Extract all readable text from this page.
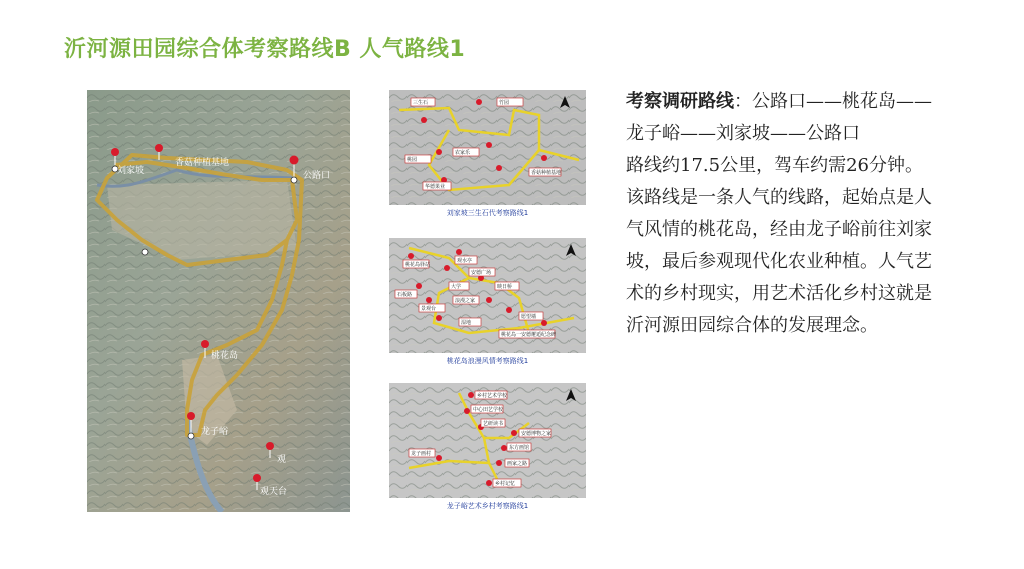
沂河源田园综合体考察路线B 人气路线1
刘家坡
香菇种植基地
公路口
桃花岛
龙子峪
观
观天台
三生石	竹园
香菇种植基地
桃园
农家乐
华德果业
刘家坡三生石代考察路线1
桃花岛驿站
观水亭
安德广场
映日桥
石板路
景观台
浪漫之家
湿地
大学
愿望墙
桃花岛一安德邂逅纪念碑
桃花岛浪漫风情考察路线1
乡村艺术学校
中心田艺学校
艺研读书
安德博物之家
东方画馆
龙子画村
画家之路
乡村记忆
龙子峪艺术乡村考察路线1

考察调研路线：公路口——桃花岛——龙子峪——刘家坡——公路口

路线约17.5公里，驾车约需26分钟。

该路线是一条人气的线路，起始点是人气风情的桃花岛，经由龙子峪前往刘家坡，最后参观现代化农业种植。人气艺术的乡村现实，用艺术活化乡村这就是沂河源田园综合体的发展理念。
